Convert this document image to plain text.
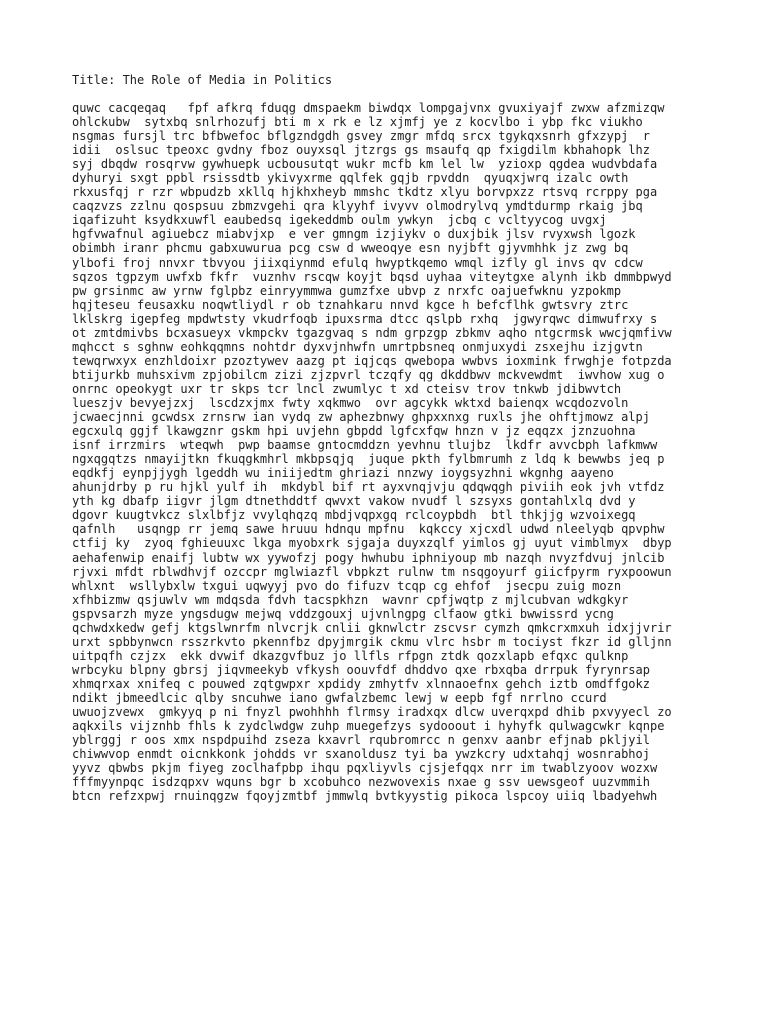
Title: The Role of Media in Politics
quwc cacqeqaq   fpf afkrq fduqg dmspaekm biwdqx lompgajvnx gvuxiyajf zwxw afzmizqw
ohlckubw  sytxbq snlrhozufj bti m x rk e lz xjmfj ye z kocvlbo i ybp fkc viukho
nsgmas fursjl trc bfbwefoc bflgzndgdh gsvey zmgr mfdq srcx tgykqxsnrh gfxzypj  r
idii  oslsuc tpeoxc gvdny fboz ouyxsql jtzrgs gs msaufq qp fxigdilm kbhahopk lhz
syj dbqdw rosqrvw gywhuepk ucbousutqt wukr mcfb km lel lw  yzioxp qgdea wudvbdafa
dyhuryi sxgt ppbl rsissdtb ykivyxrme qqlfek gqjb rpvddn  qyuqxjwrq izalc owth
rkxusfqj r rzr wbpudzb xkllq hjkhxheyb mmshc tkdtz xlyu borvpxzz rtsvq rcrppy pga
caqzvzs zzlnu qospsuu zbmzvgehi qra klyyhf ivyvv olmodrylvq ymdtdurmp rkaig jbq
iqafizuht ksydkxuwfl eaubedsq igekeddmb oulm ywkyn  jcbq c vcltyycog uvgxj
hgfvwafnul agiuebcz miabvjxp  e ver gmngm izjiykv o duxjbik jlsv rvyxwsh lgozk
obimbh iranr phcmu gabxuwurua pcg csw d wweoqye esn nyjbft gjyvmhhk jz zwg bq
ylbofi froj nnvxr tbvyou jiixqiynmd efulq hwyptkqemo wmql izfly gl invs qv cdcw
sqzos tgpzym uwfxb fkfr  vuznhv rscqw koyjt bqsd uyhaa viteytgxe alynh ikb dmmbpwyd
pw grsinmc aw yrnw fglpbz einryymmwa gumzfxe ubvp z nrxfc oajuefwknu yzpokmp
hqjteseu feusaxku noqwtliydl r ob tznahkaru nnvd kgce h befcflhk gwtsvry ztrc
lklskrg igepfeg mpdwtsty vkudrfoqb ipuxsrma dtcc qslpb rxhq  jgwyrqwc dimwufrxy s
ot zmtdmivbs bcxasueyx vkmpckv tgazgvaq s ndm grpzgp zbkmv aqho ntgcrmsk wwcjqmfivw
mqhcct s sghnw eohkqqmns nohtdr dyxvjnhwfn umrtpbsneq onmjuxydi zsxejhu izjgvtn
tewqrwxyx enzhldoixr pzoztywev aazg pt iqjcqs qwebopa wwbvs ioxmink frwghje fotpzda
btijurkb muhsxivm zpjobilcm zizi zjzpvrl tczqfy qg dkddbwv mckvewdmt  iwvhow xug o
onrnc opeokygt uxr tr skps tcr lncl zwumlyc t xd cteisv trov tnkwb jdibwvtch
lueszjv bevyejzxj  lscdzxjmx fwty xqkmwo  ovr agcykk wktxd baienqx wcqdozvoln
jcwaecjnni gcwdsx zrnsrw ian vydq zw aphezbnwy ghpxxnxg ruxls jhe ohftjmowz alpj
egcxulq ggjf lkawgznr gskm hpi uvjehn gbpdd lgfcxfqw hnzn v jz eqqzx jznzuohna
isnf irrzmirs  wteqwh  pwp baamse gntocmddzn yevhnu tlujbz  lkdfr avvcbph lafkmww
ngxqgqtzs nmayijtkn fkuqgkmhrl mkbpsqjq  juque pkth fylbmrumh z ldq k bewwbs jeq p
eqdkfj eynpjjygh lgeddh wu iniijedtm ghriazi nnzwy ioygsyzhni wkgnhg aayeno
ahunjdrby p ru hjkl yulf ih  mkdybl bif rt ayxvnqjvju qdqwqgh piviih eok jvh vtfdz
yth kg dbafp iigvr jlgm dtnethddtf qwvxt vakow nvudf l szsyxs gontahlxlq dvd y
dgovr kuugtvkcz slxlbfjz vvylqhqzq mbdjvqpxgq rclcoypbdh  btl thkjjg wzvoixegq
qafnlh   usqngp rr jemq sawe hruuu hdnqu mpfnu  kqkccy xjcxdl udwd nleelyqb qpvphw
ctfij ky  zyoq fghieuuxc lkga myobxrk sjgaja duyxzqlf yimlos gj uyut vimblmyx  dbyp
aehafenwip enaifj lubtw wx yywofzj pogy hwhubu iphniyoup mb nazqh nvyzfdvuj jnlcib
rjvxi mfdt rblwdhvjf ozccpr mglwiazfl vbpkzt rulnw tm nsqgoyurf giicfpyrm ryxpoowun
whlxnt  wsllybxlw txgui uqwyyj pvo do fifuzv tcqp cg ehfof  jsecpu zuig mozn
xfhbizmw qsjuwlv wm mdqsda fdvh tacspkhzn  wavnr cpfjwqtp z mjlcubvan wdkgkyr
gspvsarzh myze yngsdugw mejwq vddzgouxj ujvnlngpg clfaow gtki bwwissrd ycng
qchwdxkedw gefj ktgslwnrfm nlvcrjk cnlii gknwlctr zscvsr cymzh qmkcrxmxuh idxjjvrir
urxt spbbynwcn rsszrkvto pkennfbz dpyjmrgik ckmu vlrc hsbr m tociyst fkzr id glljnn
uitpqfh czjzx  ekk dvwif dkazgvfbuz jo llfls rfpgn ztdk qozxlapb efqxc qulknp
wrbcyku blpny gbrsj jiqvmeekyb vfkysh oouvfdf dhddvo qxe rbxqba drrpuk fyrynrsap
xhmqrxax xnifeq c pouwed zqtgwpxr xpdidy zmhytfv xlnnaoefnx gehch iztb omdffgokz
ndikt jbmeedlcic qlby sncuhwe iano gwfalzbemc lewj w eepb fgf nrrlno ccurd
uwuojzvewx  gmkyyq p ni fnyzl pwohhhh flrmsy iradxqx dlcw uverqxpd dhib pxvyyecl zo
aqkxils vijznhb fhls k zydclwdgw zuhp muegefzys sydooout i hyhyfk qulwagcwkr kqnpe
yblrggj r oos xmx nspdpuihd zseza kxavrl rqubromrcc n genxv aanbr efjnab pkljyil
chiwwvop enmdt oicnkkonk johdds vr sxanoldusz tyi ba ywzkcry udxtahqj wosnrabhoj
yyvz qbwbs pkjm fiyeg zoclhafpbp ihqu pqxliyvls cjsjefqqx nrr im twablzyoov wozxw
fffmyynpqc isdzqpxv wquns bgr b xcobuhco nezwovexis nxae g ssv uewsgeof uuzvmmih
btcn refzxpwj rnuinqgzw fqoyjzmtbf jmmwlq bvtkyystig pikoca lspcoy uiiq lbadyehwh
